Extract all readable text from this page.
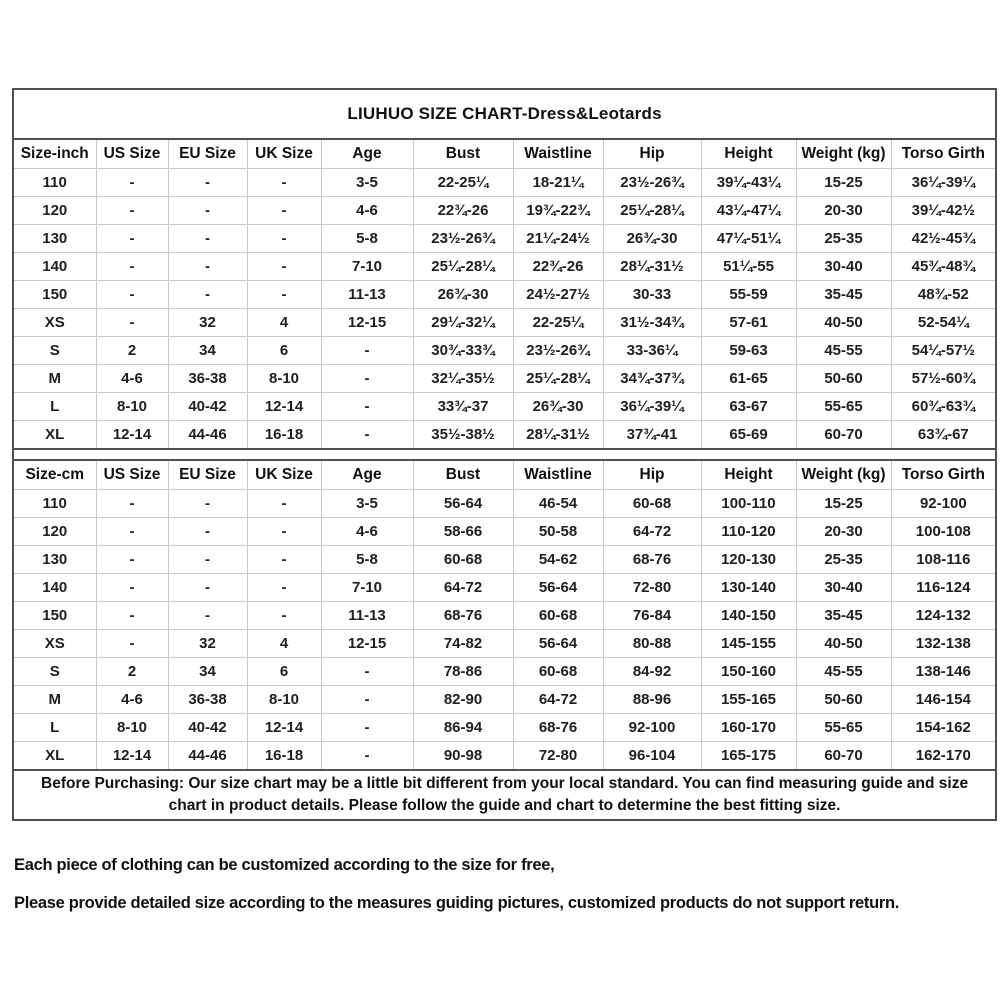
LIUHUO SIZE CHART-Dress&Leotards										
Size-inch	US Size	EU Size	UK Size	Age	Bust	Waistline	Hip	Height	Weight (kg)	Torso Girth
110	-	-	-	3-5	22-25¼	18-21¼	23½-26¾	39¼-43¼	15-25	36¼-39¼
120	-	-	-	4-6	22¾-26	19¾-22¾	25¼-28¼	43¼-47¼	20-30	39¼-42½
130	-	-	-	5-8	23½-26¾	21¼-24½	26¾-30	47¼-51¼	25-35	42½-45¾
140	-	-	-	7-10	25¼-28¼	22¾-26	28¼-31½	51¼-55	30-40	45¾-48¾
150	-	-	-	11-13	26¾-30	24½-27½	30-33	55-59	35-45	48¾-52
XS	-	32	4	12-15	29¼-32¼	22-25¼	31½-34¾	57-61	40-50	52-54¼
S	2	34	6	-	30¾-33¾	23½-26¾	33-36¼	59-63	45-55	54¼-57½
M	4-6	36-38	8-10	-	32¼-35½	25¼-28¼	34¾-37¾	61-65	50-60	57½-60¾
L	8-10	40-42	12-14	-	33¾-37	26¾-30	36¼-39¼	63-67	55-65	60¾-63¾
XL	12-14	44-46	16-18	-	35½-38½	28¼-31½	37¾-41	65-69	60-70	63¾-67

Size-cm	US Size	EU Size	UK Size	Age	Bust	Waistline	Hip	Height	Weight (kg)	Torso Girth
110	-	-	-	3-5	56-64	46-54	60-68	100-110	15-25	92-100
120	-	-	-	4-6	58-66	50-58	64-72	110-120	20-30	100-108
130	-	-	-	5-8	60-68	54-62	68-76	120-130	25-35	108-116
140	-	-	-	7-10	64-72	56-64	72-80	130-140	30-40	116-124
150	-	-	-	11-13	68-76	60-68	76-84	140-150	35-45	124-132
XS	-	32	4	12-15	74-82	56-64	80-88	145-155	40-50	132-138
S	2	34	6	-	78-86	60-68	84-92	150-160	45-55	138-146
M	4-6	36-38	8-10	-	82-90	64-72	88-96	155-165	50-60	146-154
L	8-10	40-42	12-14	-	86-94	68-76	92-100	160-170	55-65	154-162
XL	12-14	44-46	16-18	-	90-98	72-80	96-104	165-175	60-70	162-170
Before Purchasing: Our size chart may be a little bit different from your local standard. You can find measuring guide and size chart in product details. Please follow the guide and chart to determine the best fitting size.										
Each piece of clothing can be customized according to the size for free,
Please provide detailed size according to the measures guiding pictures, customized products do not support return.
